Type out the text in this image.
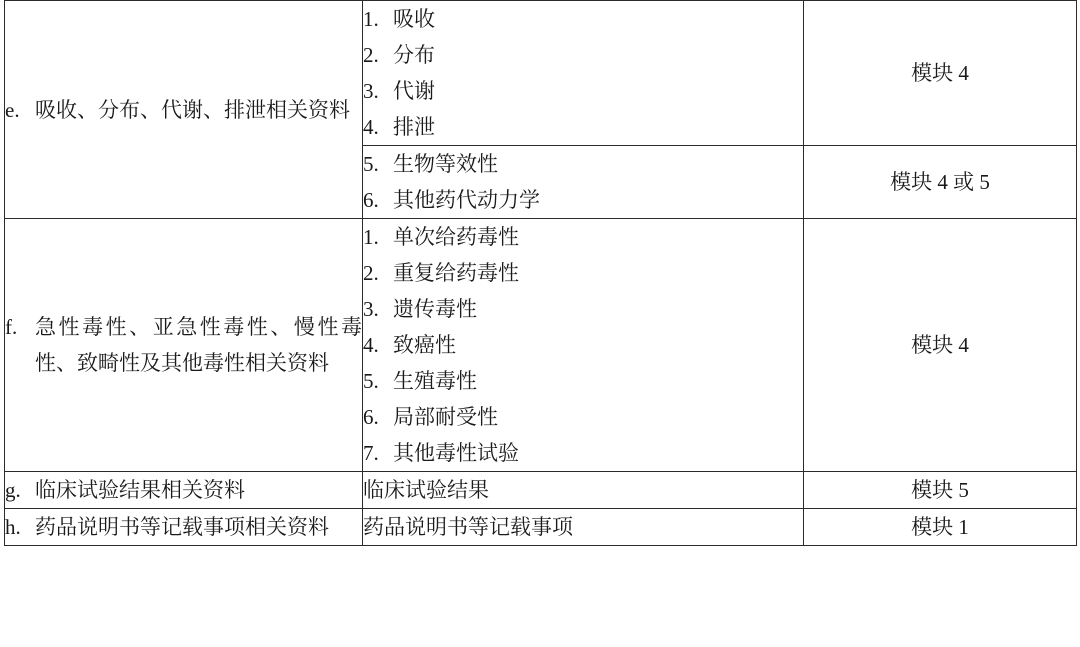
e. 吸收、分布、代谢、排泄相关资料

1. 吸收
2. 分布
3. 代谢
4. 排泄
	模块 4

5. 生物等效性
6. 其他药代动力学
	模块 4 或 5

f. 急性毒性、亚急性毒性、慢性毒性、致畸性及其他毒性相关资料

1. 单次给药毒性
2. 重复给药毒性
3. 遗传毒性
4. 致癌性
5. 生殖毒性
6. 局部耐受性
7. 其他毒性试验
	模块 4

g. 临床试验结果相关资料	临床试验结果	模块 5

h. 药品说明书等记载事项相关资料	药品说明书等记载事项	模块 1
